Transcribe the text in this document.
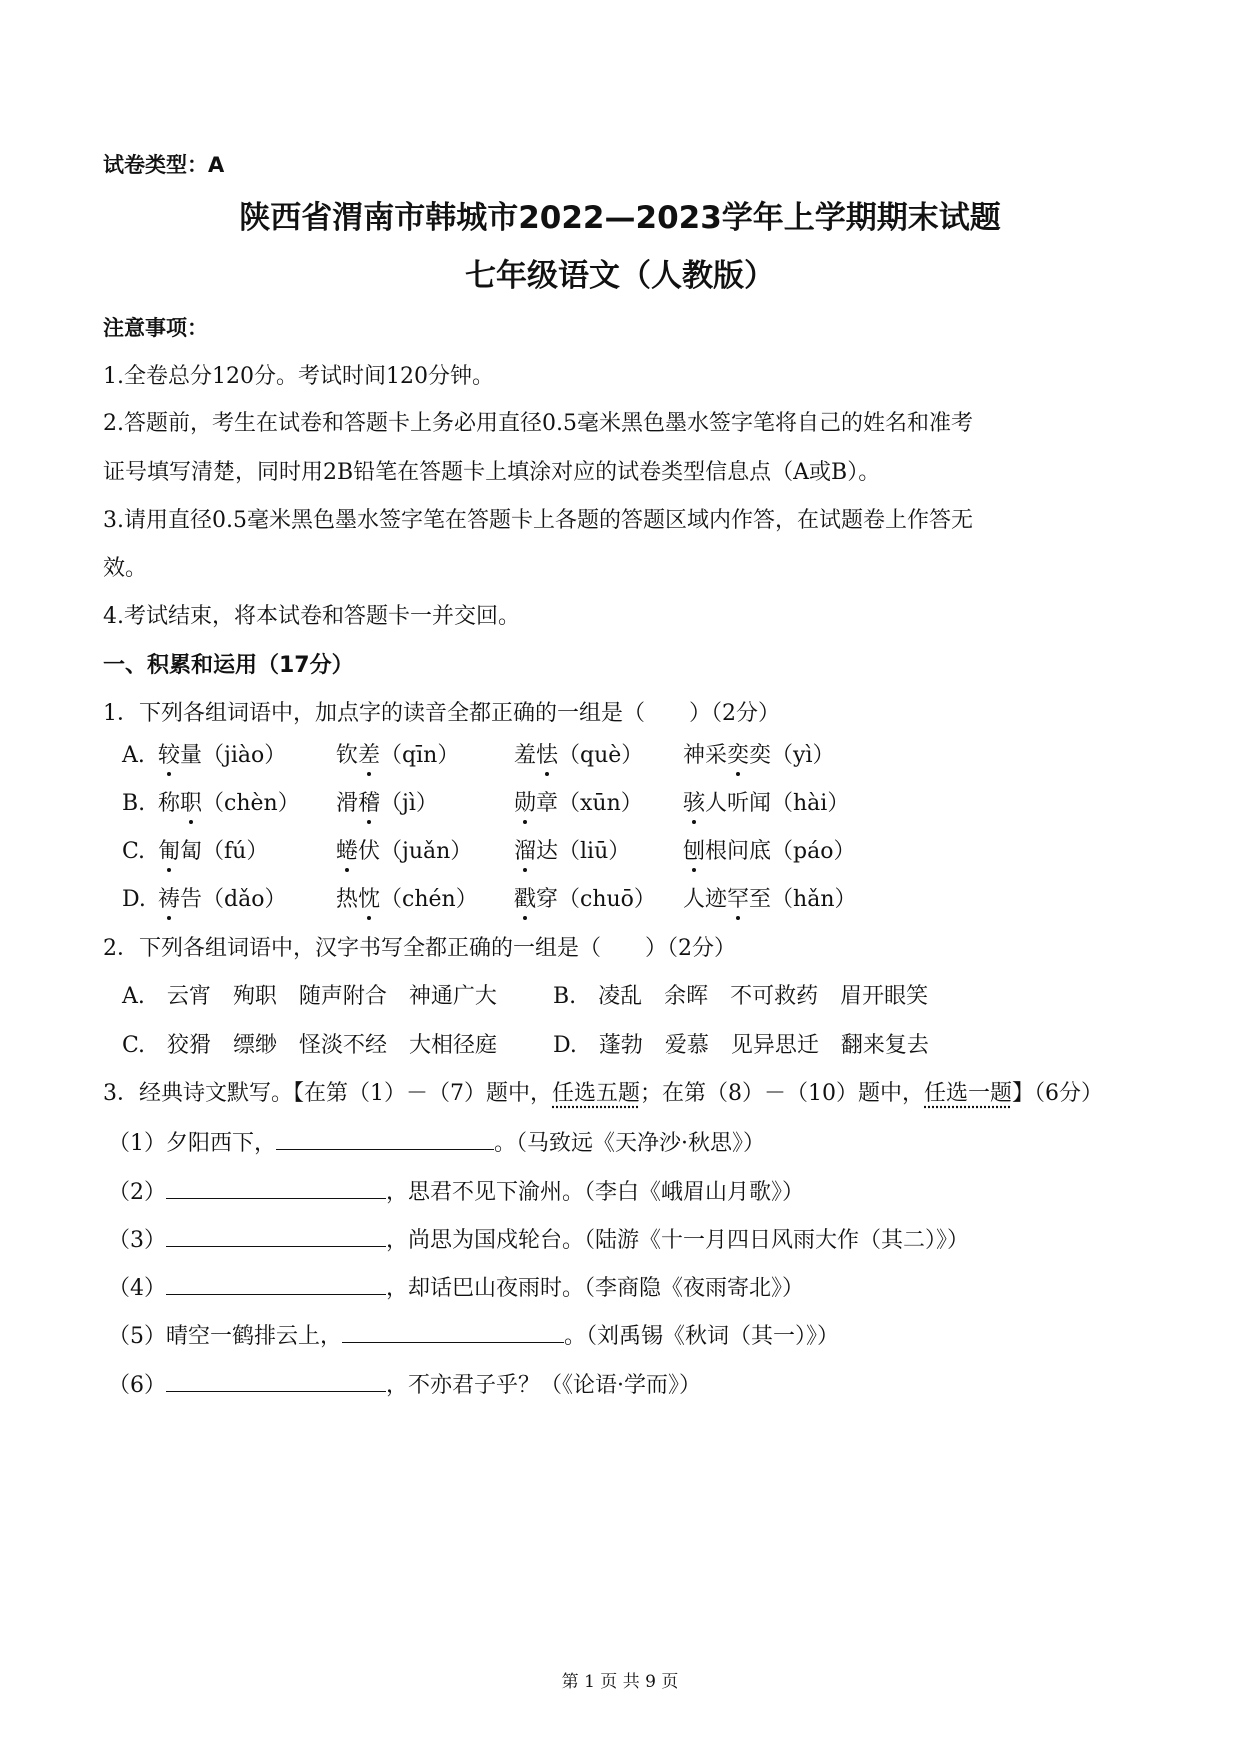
试卷类型：A
陕西省渭南市韩城市2022—2023学年上学期期末试题
七年级语文（人教版）
注意事项：
1.全卷总分120分。考试时间120分钟。
2.答题前，考生在试卷和答题卡上务必用直径0.5毫米黑色墨水签字笔将自己的姓名和准考
证号填写清楚，同时用2B铅笔在答题卡上填涂对应的试卷类型信息点（A或B）。
3.请用直径0.5毫米黑色墨水签字笔在答题卡上各题的答题区域内作答，在试题卷上作答无
效。
4.考试结束，将本试卷和答题卡一并交回。
一、积累和运用（17分）
1．下列各组词语中，加点字的读音全都正确的一组是（　　）（2分）
A. 较量（jiào） 钦差（qīn） 羞怯（què） 神采奕奕（yì）
B. 称职（chèn） 滑稽（jì）	勋章（xūn） 骇人听闻（hài）
C. 匍匐（fú）	蜷伏（juǎn） 溜达（liū） 刨根问底（páo）
D. 祷告（dǎo） 热忱（chén） 戳穿（chuō） 人迹罕至（hǎn）
2．下列各组词语中，汉字书写全都正确的一组是（　　）（2分）
A.　云宵　殉职　随声附合　神通广大	B.　凌乱　余晖　不可救药　眉开眼笑
C.　狡猾　缥缈　怪淡不经　大相径庭	D.　蓬勃　爱慕　见异思迁　翻来复去
3．经典诗文默写。【在第（1）－（7）题中，任选五题；在第（8）－（10）题中，任选一题】（6分）
（1）夕阳西下，	。（马致远《天净沙·秋思》）
（2）	，思君不见下渝州。（李白《峨眉山月歌》）
（3）	，尚思为国戍轮台。（陆游《十一月四日风雨大作（其二）》）
（4）	，却话巴山夜雨时。（李商隐《夜雨寄北》）
（5）晴空一鹤排云上，	。（刘禹锡《秋词（其一）》）
（6）	，不亦君子乎？（《论语·学而》）
第 1 页 共 9 页
